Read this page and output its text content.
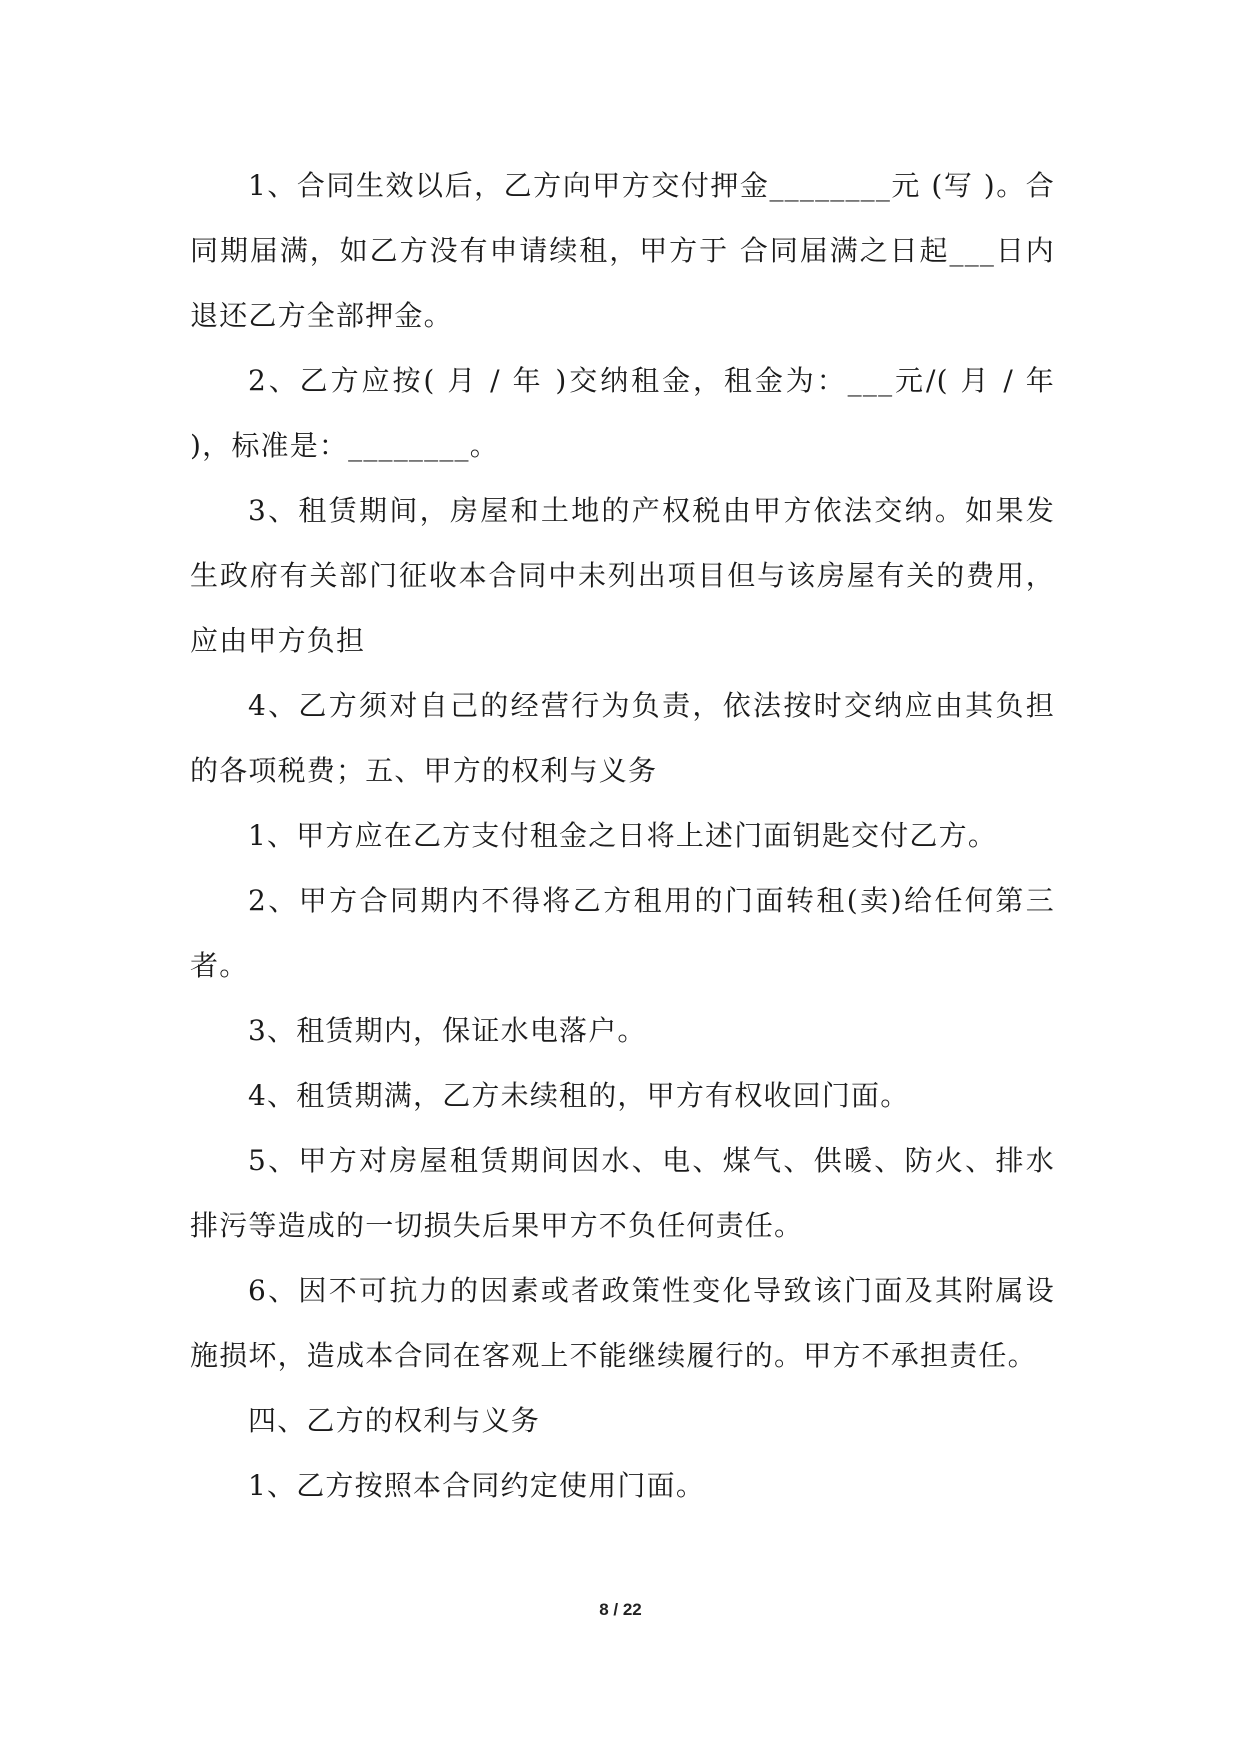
1、合同生效以后，乙方向甲方交付押金________元 (写 )。合同期届满，如乙方没有申请续租，甲方于 合同届满之日起___日内退还乙方全部押金。

2、乙方应按( 月 / 年 )交纳租金，租金为：___元/( 月 / 年 )，标准是：________。

3、租赁期间，房屋和土地的产权税由甲方依法交纳。如果发生政府有关部门征收本合同中未列出项目但与该房屋有关的费用，应由甲方负担

4、乙方须对自己的经营行为负责，依法按时交纳应由其负担的各项税费；五、甲方的权利与义务

1、甲方应在乙方支付租金之日将上述门面钥匙交付乙方。

2、甲方合同期内不得将乙方租用的门面转租(卖)给任何第三者。

3、租赁期内，保证水电落户。

4、租赁期满，乙方未续租的，甲方有权收回门面。

5、甲方对房屋租赁期间因水、电、煤气、供暖、防火、排水排污等造成的一切损失后果甲方不负任何责任。

6、因不可抗力的因素或者政策性变化导致该门面及其附属设施损坏，造成本合同在客观上不能继续履行的。甲方不承担责任。

四、乙方的权利与义务

1、乙方按照本合同约定使用门面。

8 / 22
